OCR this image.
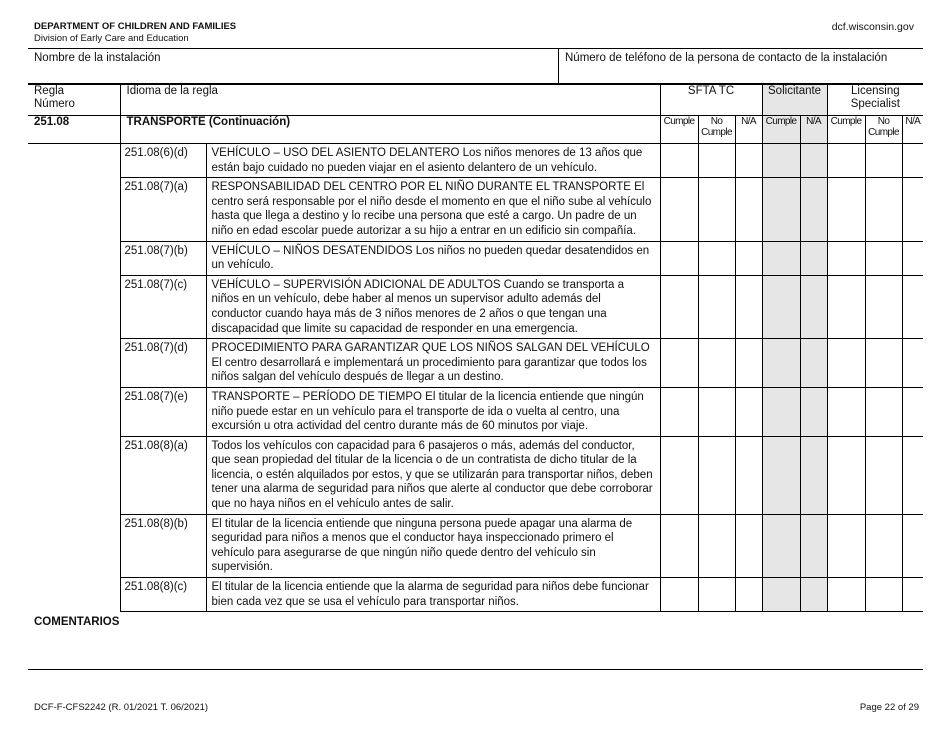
DEPARTMENT OF CHILDREN AND FAMILIES
Division of Early Care and Education
dcf.wisconsin.gov
Nombre de la instalación	Número de teléfono de la persona de contacto de la instalación
Regla
Número	Idioma de la regla		SFTA TC			Solicitante		Licensing
Specialist		
251.08	TRANSPORTE (Continuación)		Cumple	No
Cumple	N/A	Cumple	N/A	Cumple	No
Cumple	N/A
	251.08(6)(d)	VEHÍCULO – USO DEL ASIENTO DELANTERO Los niños menores de 13 años que están bajo cuidado no pueden viajar en el asiento delantero de un vehículo.								
	251.08(7)(a)	RESPONSABILIDAD DEL CENTRO POR EL NIÑO DURANTE EL TRANSPORTE El centro será responsable por el niño desde el momento en que el niño sube al vehículo hasta que llega a destino y lo recibe una persona que esté a cargo. Un padre de un niño en edad escolar puede autorizar a su hijo a entrar en un edificio sin compañía.								
	251.08(7)(b)	VEHÍCULO – NIÑOS DESATENDIDOS Los niños no pueden quedar desatendidos en un vehículo.								
	251.08(7)(c)	VEHÍCULO – SUPERVISIÓN ADICIONAL DE ADULTOS Cuando se transporta a niños en un vehículo, debe haber al menos un supervisor adulto además del conductor cuando haya más de 3 niños menores de 2 años o que tengan una discapacidad que limite su capacidad de responder en una emergencia.								
	251.08(7)(d)	PROCEDIMIENTO PARA GARANTIZAR QUE LOS NIÑOS SALGAN DEL VEHÍCULO El centro desarrollará e implementará un procedimiento para garantizar que todos los niños salgan del vehículo después de llegar a un destino.								
	251.08(7)(e)	TRANSPORTE – PERÍODO DE TIEMPO El titular de la licencia entiende que ningún niño puede estar en un vehículo para el transporte de ida o vuelta al centro, una excursión u otra actividad del centro durante más de 60 minutos por viaje.								
	251.08(8)(a)	Todos los vehículos con capacidad para 6 pasajeros o más, además del conductor, que sean propiedad del titular de la licencia o de un contratista de dicho titular de la licencia, o estén alquilados por estos, y que se utilizarán para transportar niños, deben tener una alarma de seguridad para niños que alerte al conductor que debe corroborar que no haya niños en el vehículo antes de salir.								
	251.08(8)(b)	El titular de la licencia entiende que ninguna persona puede apagar una alarma de seguridad para niños a menos que el conductor haya inspeccionado primero el vehículo para asegurarse de que ningún niño quede dentro del vehículo sin supervisión.								
	251.08(8)(c)	El titular de la licencia entiende que la alarma de seguridad para niños debe funcionar bien cada vez que se usa el vehículo para transportar niños.								
COMENTARIOS
DCF-F-CFS2242 (R. 01/2021 T. 06/2021)	Page 22 of 29
